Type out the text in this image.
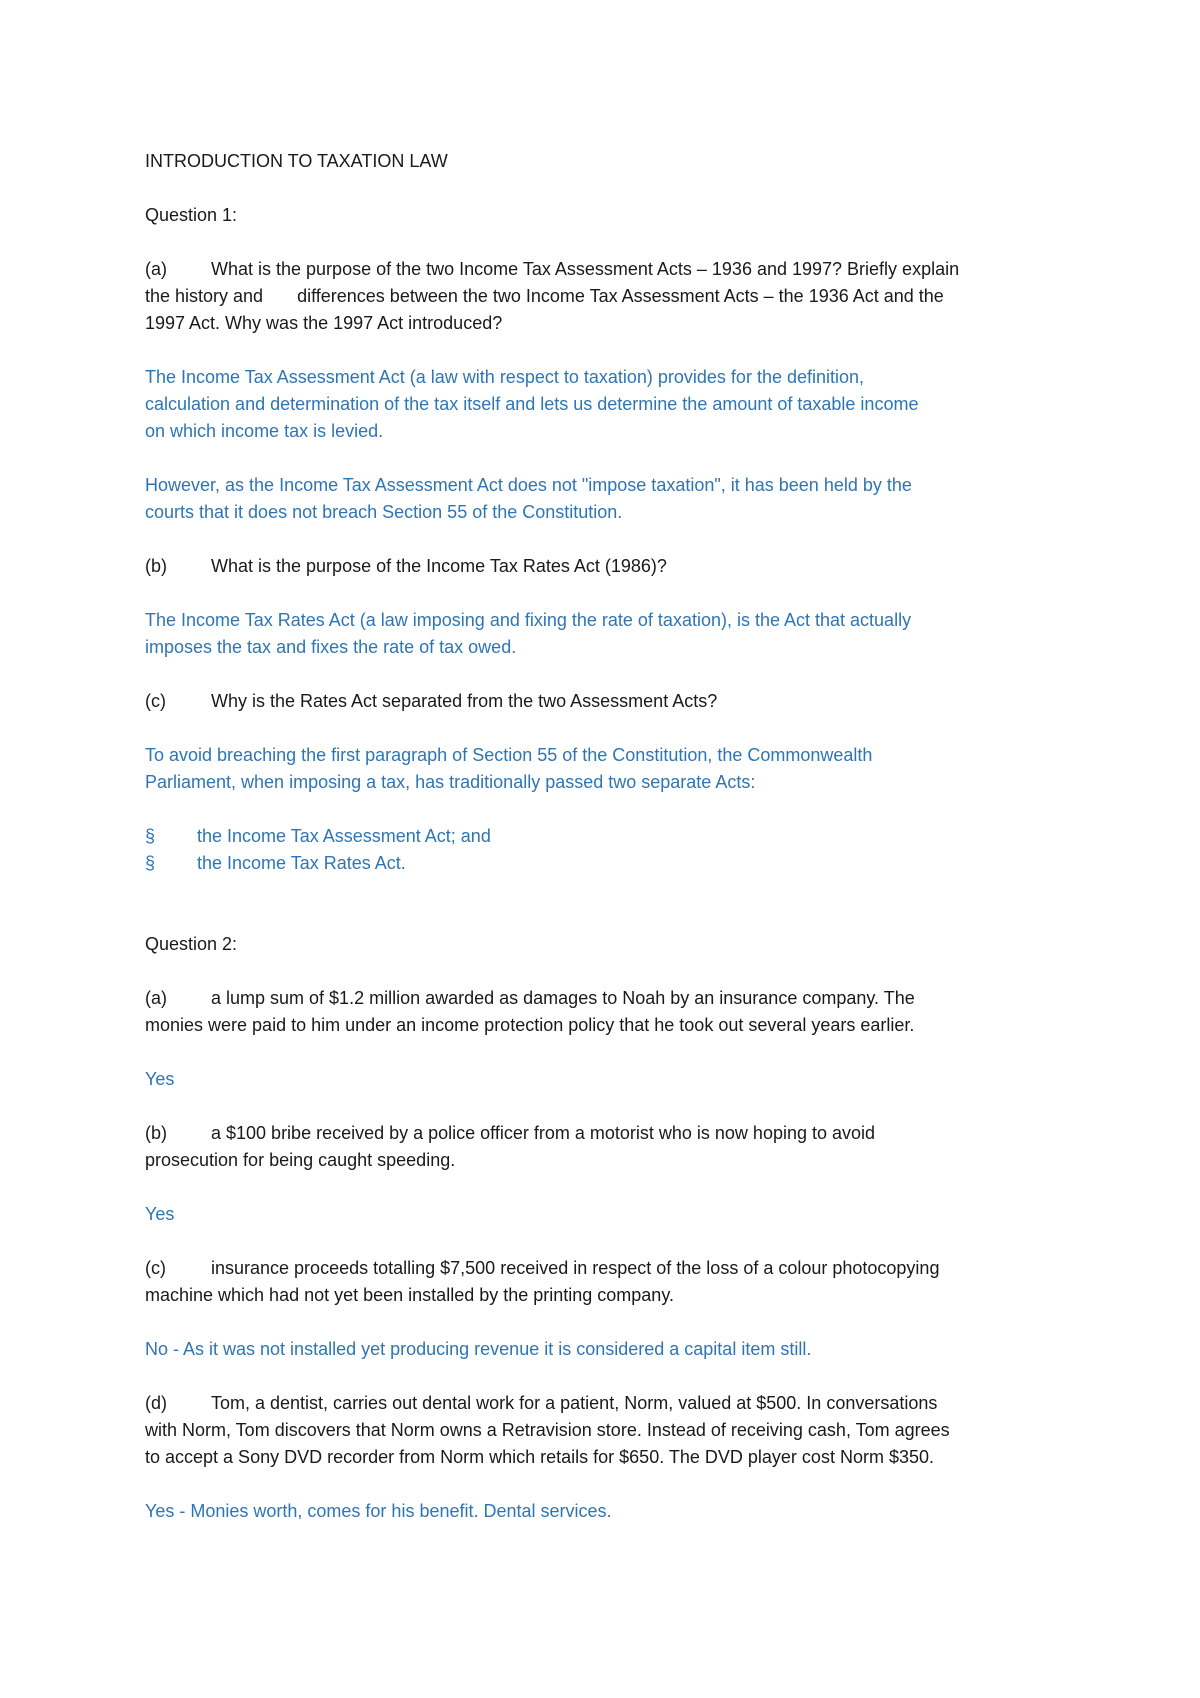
INTRODUCTION TO TAXATION LAW

Question 1:

(a) What is the purpose of the two Income Tax Assessment Acts – 1936 and 1997? Briefly explain

the history and differences between the two Income Tax Assessment Acts – the 1936 Act and the

1997 Act. Why was the 1997 Act introduced?

The Income Tax Assessment Act (a law with respect to taxation) provides for the definition,

calculation and determination of the tax itself and lets us determine the amount of taxable income

on which income tax is levied.

However, as the Income Tax Assessment Act does not "impose taxation", it has been held by the

courts that it does not breach Section 55 of the Constitution.

(b) What is the purpose of the Income Tax Rates Act (1986)?

The Income Tax Rates Act (a law imposing and fixing the rate of taxation), is the Act that actually

imposes the tax and fixes the rate of tax owed.

(c)	Why is the Rates Act separated from the two Assessment Acts?

To avoid breaching the first paragraph of Section 55 of the Constitution, the Commonwealth

Parliament, when imposing a tax, has traditionally passed two separate Acts:

§ the Income Tax Assessment Act; and

§ the Income Tax Rates Act.

Question 2:

(a) a lump sum of $1.2 million awarded as damages to Noah by an insurance company. The

monies were paid to him under an income protection policy that he took out several years earlier.

Yes

(b) a $100 bribe received by a police officer from a motorist who is now hoping to avoid

prosecution for being caught speeding.

Yes

(c)	insurance proceeds totalling $7,500 received in respect of the loss of a colour photocopying

machine which had not yet been installed by the printing company.

No - As it was not installed yet producing revenue it is considered a capital item still.

(d) Tom, a dentist, carries out dental work for a patient, Norm, valued at $500. In conversations

with Norm, Tom discovers that Norm owns a Retravision store. Instead of receiving cash, Tom agrees

to accept a Sony DVD recorder from Norm which retails for $650. The DVD player cost Norm $350.

Yes - Monies worth, comes for his benefit. Dental services.
